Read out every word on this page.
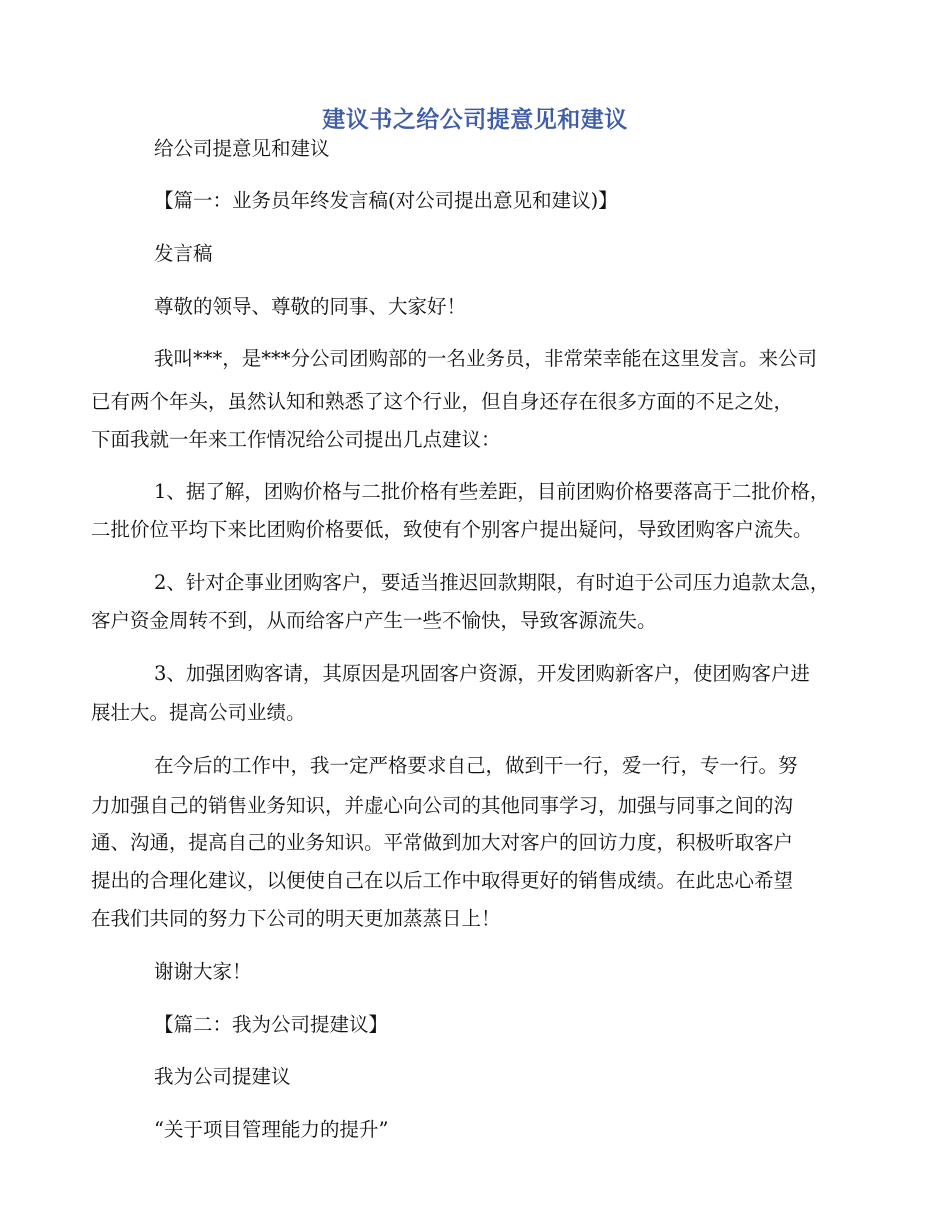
建议书之给公司提意见和建议
给公司提意见和建议
【篇一：业务员年终发言稿(对公司提出意见和建议)】
发言稿
尊敬的领导、尊敬的同事、大家好！
我叫***，是***分公司团购部的一名业务员，非常荣幸能在这里发言。来公司
已有两个年头，虽然认知和熟悉了这个行业，但自身还存在很多方面的不足之处，
下面我就一年来工作情况给公司提出几点建议：
1、据了解，团购价格与二批价格有些差距，目前团购价格要落高于二批价格，
二批价位平均下来比团购价格要低，致使有个别客户提出疑问，导致团购客户流失。
2、针对企事业团购客户，要适当推迟回款期限，有时迫于公司压力追款太急，
客户资金周转不到，从而给客户产生一些不愉快，导致客源流失。
3、加强团购客请，其原因是巩固客户资源，开发团购新客户，使团购客户进
展壮大。提高公司业绩。
在今后的工作中，我一定严格要求自己，做到干一行，爱一行，专一行。努
力加强自己的销售业务知识，并虚心向公司的其他同事学习，加强与同事之间的沟
通、沟通，提高自己的业务知识。平常做到加大对客户的回访力度，积极听取客户
提出的合理化建议，以便使自己在以后工作中取得更好的销售成绩。在此忠心希望
在我们共同的努力下公司的明天更加蒸蒸日上！
谢谢大家！
【篇二：我为公司提建议】
我为公司提建议
“关于项目管理能力的提升”
